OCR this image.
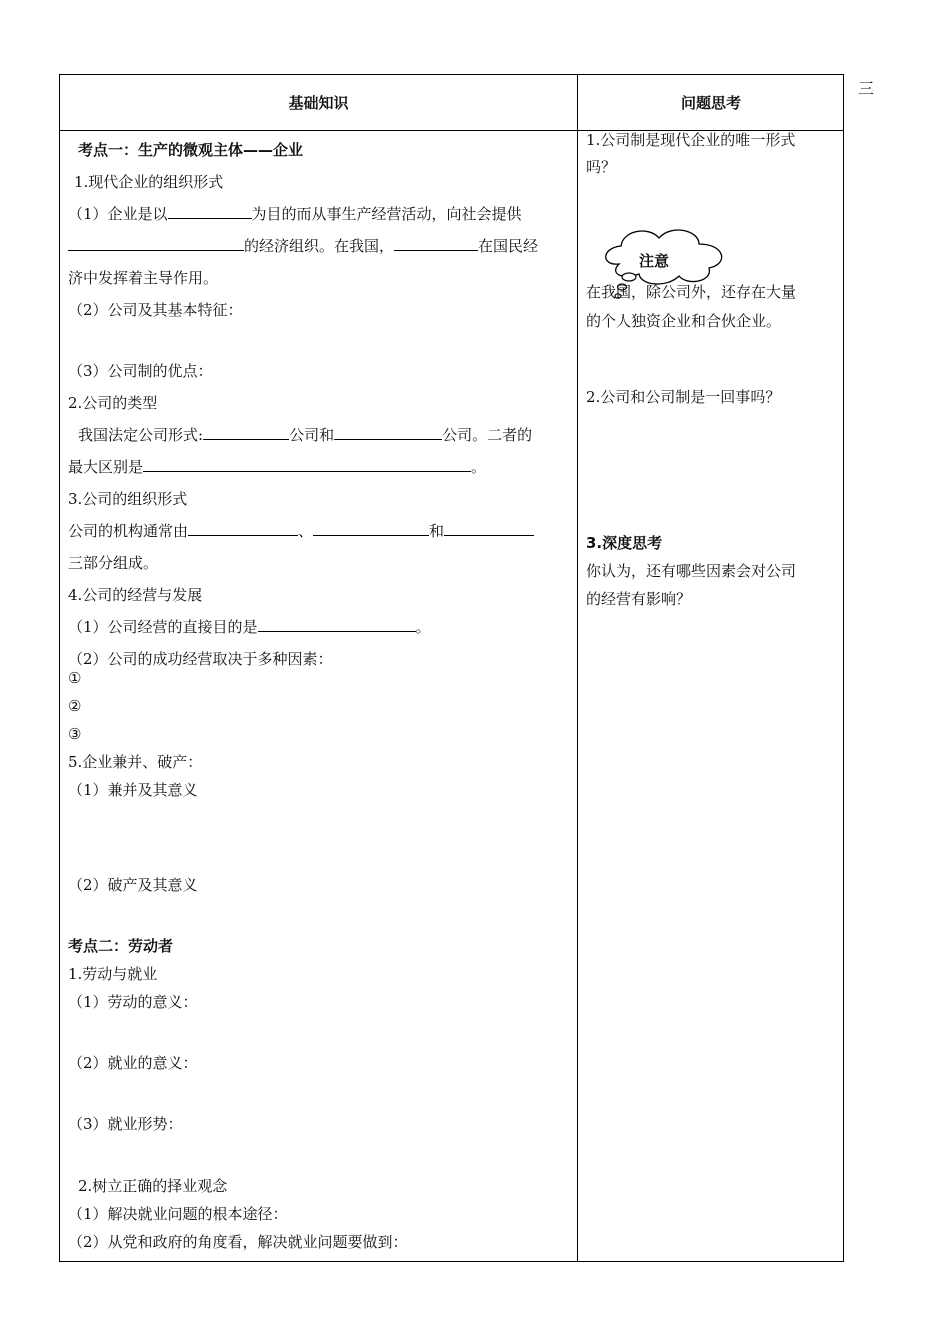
三
基础知识	问题思考
考点一：生产的微观主体——企业
1.现代企业的组织形式
（1）企业是以	为目的而从事生产经营活动，向社会提供
的经济组织。在我国，	在国民经
济中发挥着主导作用。
（2）公司及其基本特征：
（3）公司制的优点：
2.公司的类型
我国法定公司形式:	公司和	公司。二者的
最大区别是	。
3.公司的组织形式
公司的机构通常由	、	和
三部分组成。
4.公司的经营与发展
（1）公司经营的直接目的是	。
（2）公司的成功经营取决于多种因素：
①
②
③
5.企业兼并、破产：
（1）兼并及其意义
（2）破产及其意义
考点二：劳动者
1.劳动与就业
（1）劳动的意义：
（2）就业的意义：
（3）就业形势：
2.树立正确的择业观念
（1）解决就业问题的根本途径：
（2）从党和政府的角度看，解决就业问题要做到：
1.公司制是现代企业的唯一形式
吗？
注意
在我国，除公司外，还存在大量
的个人独资企业和合伙企业。
2.公司和公司制是一回事吗？
3.深度思考
你认为，还有哪些因素会对公司
的经营有影响？
